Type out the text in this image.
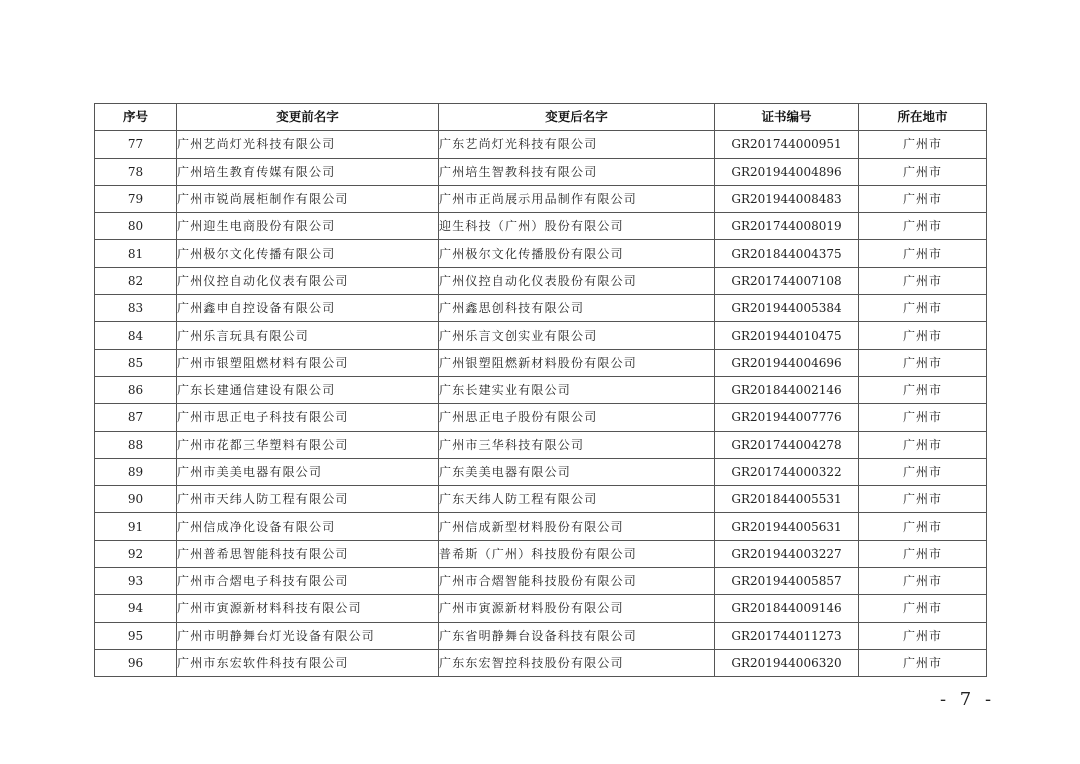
序号	变更前名字	变更后名字	证书编号	所在地市
77	广州艺尚灯光科技有限公司	广东艺尚灯光科技有限公司	GR201744000951	广州市
78	广州培生教育传媒有限公司	广州培生智教科技有限公司	GR201944004896	广州市
79	广州市锐尚展柜制作有限公司	广州市正尚展示用品制作有限公司	GR201944008483	广州市
80	广州迎生电商股份有限公司	迎生科技（广州）股份有限公司	GR201744008019	广州市
81	广州极尔文化传播有限公司	广州极尔文化传播股份有限公司	GR201844004375	广州市
82	广州仪控自动化仪表有限公司	广州仪控自动化仪表股份有限公司	GR201744007108	广州市
83	广州鑫申自控设备有限公司	广州鑫思创科技有限公司	GR201944005384	广州市
84	广州乐言玩具有限公司	广州乐言文创实业有限公司	GR201944010475	广州市
85	广州市银塑阻燃材料有限公司	广州银塑阻燃新材料股份有限公司	GR201944004696	广州市
86	广东长建通信建设有限公司	广东长建实业有限公司	GR201844002146	广州市
87	广州市思正电子科技有限公司	广州思正电子股份有限公司	GR201944007776	广州市
88	广州市花都三华塑料有限公司	广州市三华科技有限公司	GR201744004278	广州市
89	广州市美美电器有限公司	广东美美电器有限公司	GR201744000322	广州市
90	广州市天纬人防工程有限公司	广东天纬人防工程有限公司	GR201844005531	广州市
91	广州信成净化设备有限公司	广州信成新型材料股份有限公司	GR201944005631	广州市
92	广州普希思智能科技有限公司	普希斯（广州）科技股份有限公司	GR201944003227	广州市
93	广州市合熠电子科技有限公司	广州市合熠智能科技股份有限公司	GR201944005857	广州市
94	广州市寅源新材料科技有限公司	广州市寅源新材料股份有限公司	GR201844009146	广州市
95	广州市明静舞台灯光设备有限公司	广东省明静舞台设备科技有限公司	GR201744011273	广州市
96	广州市东宏软件科技有限公司	广东东宏智控科技股份有限公司	GR201944006320	广州市
- 7 -
